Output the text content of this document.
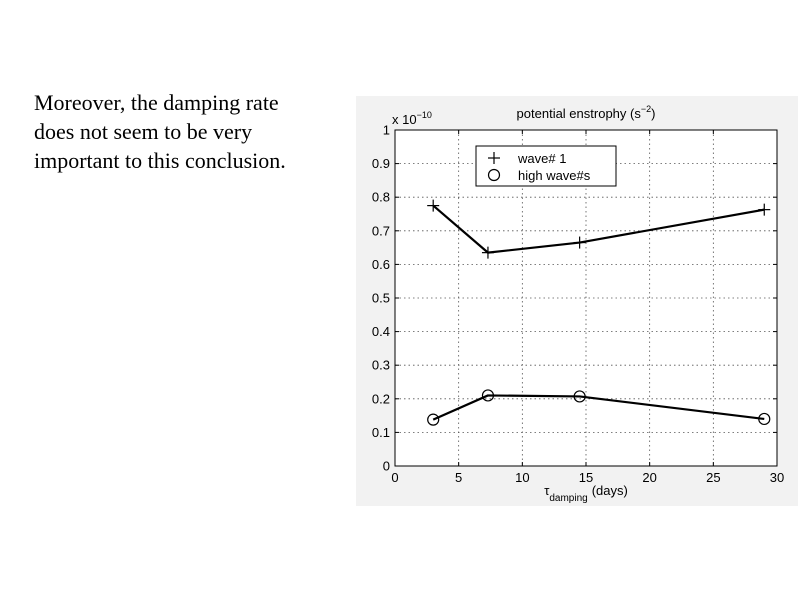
Moreover, the damping rate
does not seem to be very
important to this conclusion.
0	5	10	15	20	25	30
0
0.1
0.2
0.3
0.4
0.5
0.6
0.7
0.8
0.9
1
potential enstrophy $(s^{-2})$
x $10^{-10}$
$\tau_{damping}(days)$
wave# 1
high wave#s
